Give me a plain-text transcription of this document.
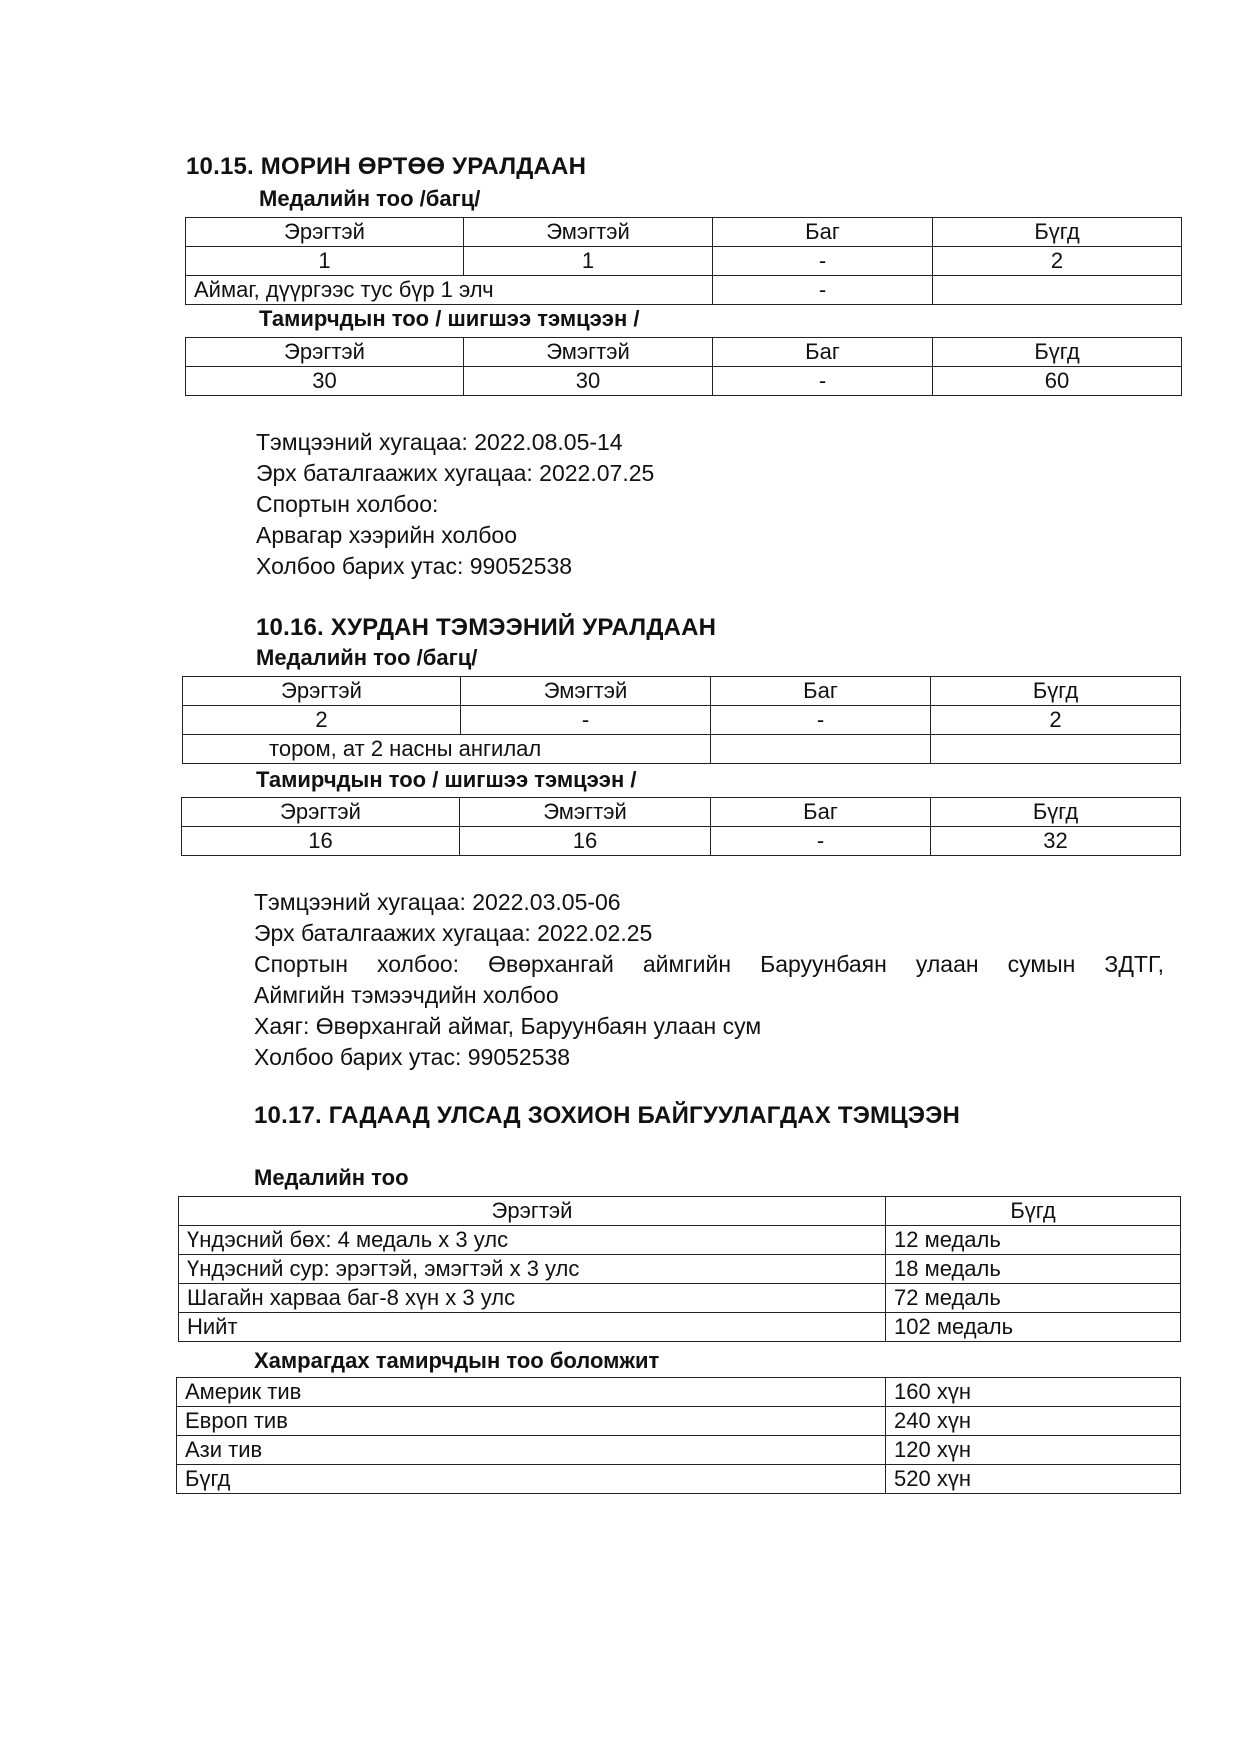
10.15. МОРИН ӨРТӨӨ УРАЛДААН
Медалийн тоо /багц/
Эрэгтэй	Эмэгтэй	Баг	Бүгд
1	1	-	2
Аймаг, дүүргээс тус бүр 1 элч		-	
Тамирчдын тоо / шигшээ тэмцээн /
Эрэгтэй	Эмэгтэй	Баг	Бүгд
30	30	-	60
Тэмцээний хугацаа: 2022.08.05-14
Эрх баталгаажих хугацаа: 2022.07.25
Спортын холбоо:
Арвагар хээрийн холбоо
Холбоо барих утас: 99052538
10.16. ХУРДАН ТЭМЭЭНИЙ УРАЛДААН
Медалийн тоо /багц/
Эрэгтэй	Эмэгтэй	Баг	Бүгд
2	-	-	2
тором, ат 2 насны ангилал			
Тамирчдын тоо / шигшээ тэмцээн /
Эрэгтэй	Эмэгтэй	Баг	Бүгд
16	16	-	32
Тэмцээний хугацаа: 2022.03.05-06
Эрх баталгаажих хугацаа: 2022.02.25
Спортын холбоо: Өвөрхангай аймгийн Баруунбаян улаан сумын ЗДТГ,
Аймгийн тэмээчдийн холбоо
Хаяг: Өвөрхангай аймаг, Баруунбаян улаан сум
Холбоо барих утас: 99052538
10.17. ГАДААД УЛСАД ЗОХИОН БАЙГУУЛАГДАХ ТЭМЦЭЭН
Медалийн тоо
Эрэгтэй	Бүгд
Үндэсний бөх: 4 медаль х 3 улс	12 медаль
Үндэсний сур: эрэгтэй, эмэгтэй х 3 улс	18 медаль
Шагайн харваа баг-8 хүн х 3 улс	72 медаль
Нийт	102 медаль
Хамрагдах тамирчдын тоо боломжит
Америк тив	160 хүн
Европ тив	240 хүн
Ази тив	120 хүн
Бүгд	520 хүн
